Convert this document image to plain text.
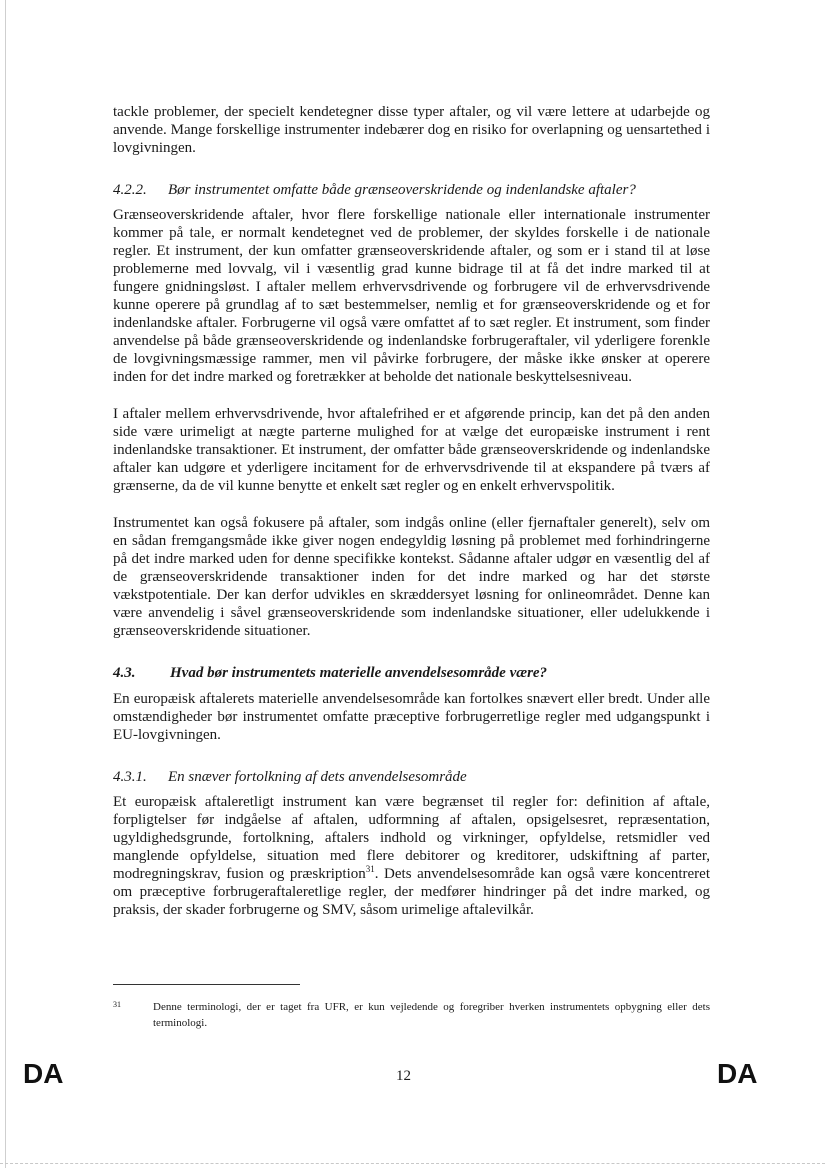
tackle problemer, der specielt kendetegner disse typer aftaler, og vil være lettere at udarbejde og anvende. Mange forskellige instrumenter indebærer dog en risiko for overlapning og uensartethed i lovgivningen.

4.2.2. Bør instrumentet omfatte både grænseoverskridende og indenlandske aftaler?

Grænseoverskridende aftaler, hvor flere forskellige nationale eller internationale instrumenter kommer på tale, er normalt kendetegnet ved de problemer, der skyldes forskelle i de nationale regler. Et instrument, der kun omfatter grænseoverskridende aftaler, og som er i stand til at løse problemerne med lovvalg, vil i væsentlig grad kunne bidrage til at få det indre marked til at fungere gnidningsløst. I aftaler mellem erhvervsdrivende og forbrugere vil de erhvervsdrivende kunne operere på grundlag af to sæt bestemmelser, nemlig et for grænseoverskridende og et for indenlandske aftaler. Forbrugerne vil også være omfattet af to sæt regler. Et instrument, som finder anvendelse på både grænseoverskridende og indenlandske forbrugeraftaler, vil yderligere forenkle de lovgivningsmæssige rammer, men vil påvirke forbrugere, der måske ikke ønsker at operere inden for det indre marked og foretrækker at beholde det nationale beskyttelsesniveau.

I aftaler mellem erhvervsdrivende, hvor aftalefrihed er et afgørende princip, kan det på den anden side være urimeligt at nægte parterne mulighed for at vælge det europæiske instrument i rent indenlandske transaktioner. Et instrument, der omfatter både grænseoverskridende og indenlandske aftaler kan udgøre et yderligere incitament for de erhvervsdrivende til at ekspandere på tværs af grænserne, da de vil kunne benytte et enkelt sæt regler og en enkelt erhvervspolitik.

Instrumentet kan også fokusere på aftaler, som indgås online (eller fjernaftaler generelt), selv om en sådan fremgangsmåde ikke giver nogen endegyldig løsning på problemet med forhindringerne på det indre marked uden for denne specifikke kontekst. Sådanne aftaler udgør en væsentlig del af de grænseoverskridende transaktioner inden for det indre marked og har det største vækstpotentiale. Der kan derfor udvikles en skræddersyet løsning for onlineområdet. Denne kan være anvendelig i såvel grænseoverskridende som indenlandske situationer, eller udelukkende i grænseoverskridende situationer.

4.3. Hvad bør instrumentets materielle anvendelsesområde være?

En europæisk aftalerets materielle anvendelsesområde kan fortolkes snævert eller bredt. Under alle omstændigheder bør instrumentet omfatte præceptive forbrugerretlige regler med udgangspunkt i EU-lovgivningen.

4.3.1. En snæver fortolkning af dets anvendelsesområde

Et europæisk aftaleretligt instrument kan være begrænset til regler for: definition af aftale, forpligtelser før indgåelse af aftalen, udformning af aftalen, opsigelsesret, repræsentation, ugyldighedsgrunde, fortolkning, aftalers indhold og virkninger, opfyldelse, retsmidler ved manglende opfyldelse, situation med flere debitorer og kreditorer, udskiftning af parter, modregningskrav, fusion og præskription$^{31}$. Dets anvendelsesområde kan også være koncentreret om præceptive forbrugeraftaleretlige regler, der medfører hindringer på det indre marked, og praksis, der skader forbrugerne og SMV, såsom urimelige aftalevilkår.

31	Denne terminologi, der er taget fra UFR, er kun vejledende og foregriber hverken instrumentets opbygning eller dets terminologi.
DA	12	DA
